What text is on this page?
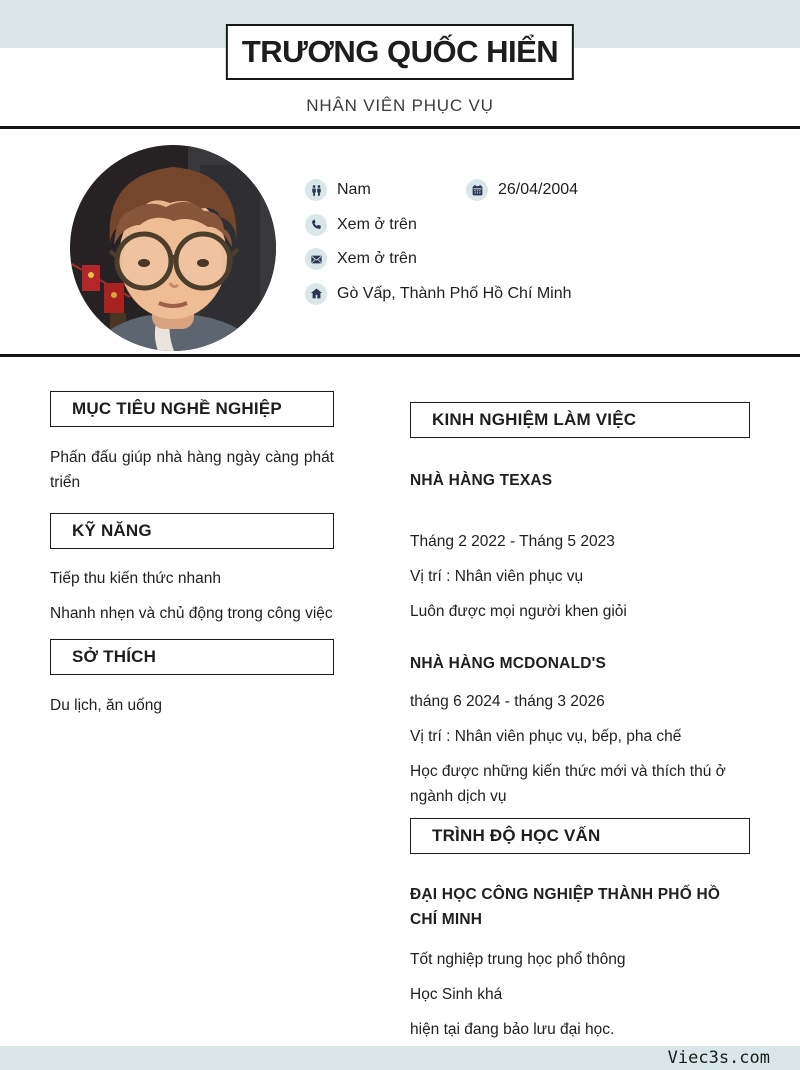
TRƯƠNG QUỐC HIỂN
NHÂN VIÊN PHỤC VỤ
Nam	26/04/2004
Xem ở trên
Xem ở trên
Gò Vấp, Thành Phố Hồ Chí Minh
MỤC TIÊU NGHỀ NGHIỆP

Phấn đấu giúp nhà hàng ngày càng phát triển

KỸ NĂNG

Tiếp thu kiến thức nhanh

Nhanh nhẹn và chủ động trong công việc

SỞ THÍCH

Du lịch, ăn uống

KINH NGHIỆM LÀM VIỆC

NHÀ HÀNG TEXAS

Tháng 2 2022 - Tháng 5 2023

Vị trí : Nhân viên phục vụ

Luôn được mọi người khen giỏi

NHÀ HÀNG MCDONALD'S

tháng 6 2024 - tháng 3 2026

Vị trí : Nhân viên phục vụ, bếp, pha chế

Học được những kiến thức mới và thích thú ở ngành dịch vụ

TRÌNH ĐỘ HỌC VẤN

ĐẠI HỌC CÔNG NGHIỆP THÀNH PHỐ HỒ CHÍ MINH

Tốt nghiệp trung học phổ thông

Học Sinh khá

hiện tại đang bảo lưu đại học.

Viec3s.com
